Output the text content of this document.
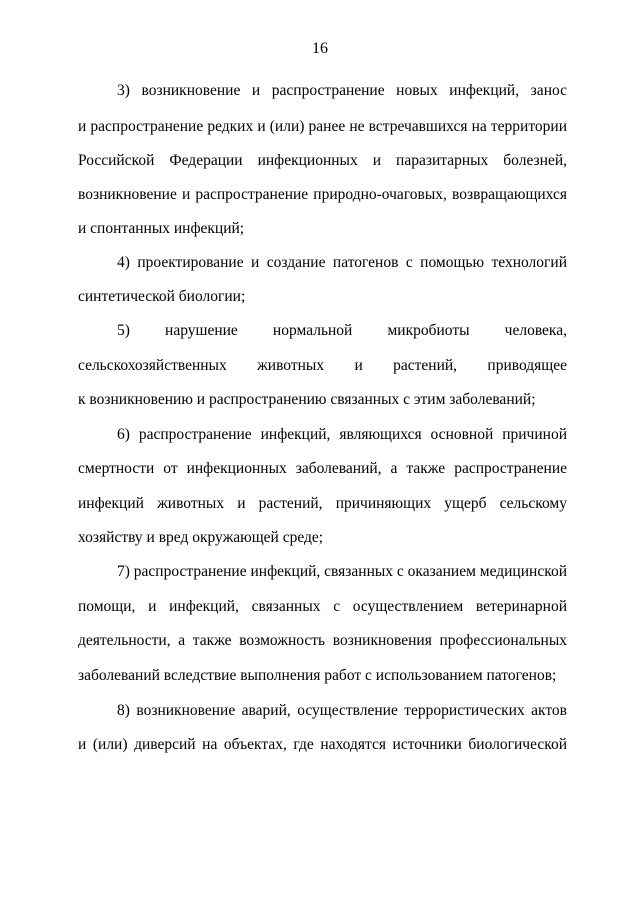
16
3) возникновение и распространение новых инфекций, занос
и распространение редких и (или) ранее не встречавшихся на территории
Российской Федерации инфекционных и паразитарных болезней,
возникновение и распространение природно-очаговых, возвращающихся
и спонтанных инфекций;
4) проектирование и создание патогенов с помощью технологий
синтетической биологии;
5) нарушение нормальной микробиоты человека,
сельскохозяйственных животных и растений, приводящее
к возникновению и распространению связанных с этим заболеваний;
6) распространение инфекций, являющихся основной причиной
смертности от инфекционных заболеваний, а также распространение
инфекций животных и растений, причиняющих ущерб сельскому
хозяйству и вред окружающей среде;
7) распространение инфекций, связанных с оказанием медицинской
помощи, и инфекций, связанных с осуществлением ветеринарной
деятельности, а также возможность возникновения профессиональных
заболеваний вследствие выполнения работ с использованием патогенов;
8) возникновение аварий, осуществление террористических актов
и (или) диверсий на объектах, где находятся источники биологической
